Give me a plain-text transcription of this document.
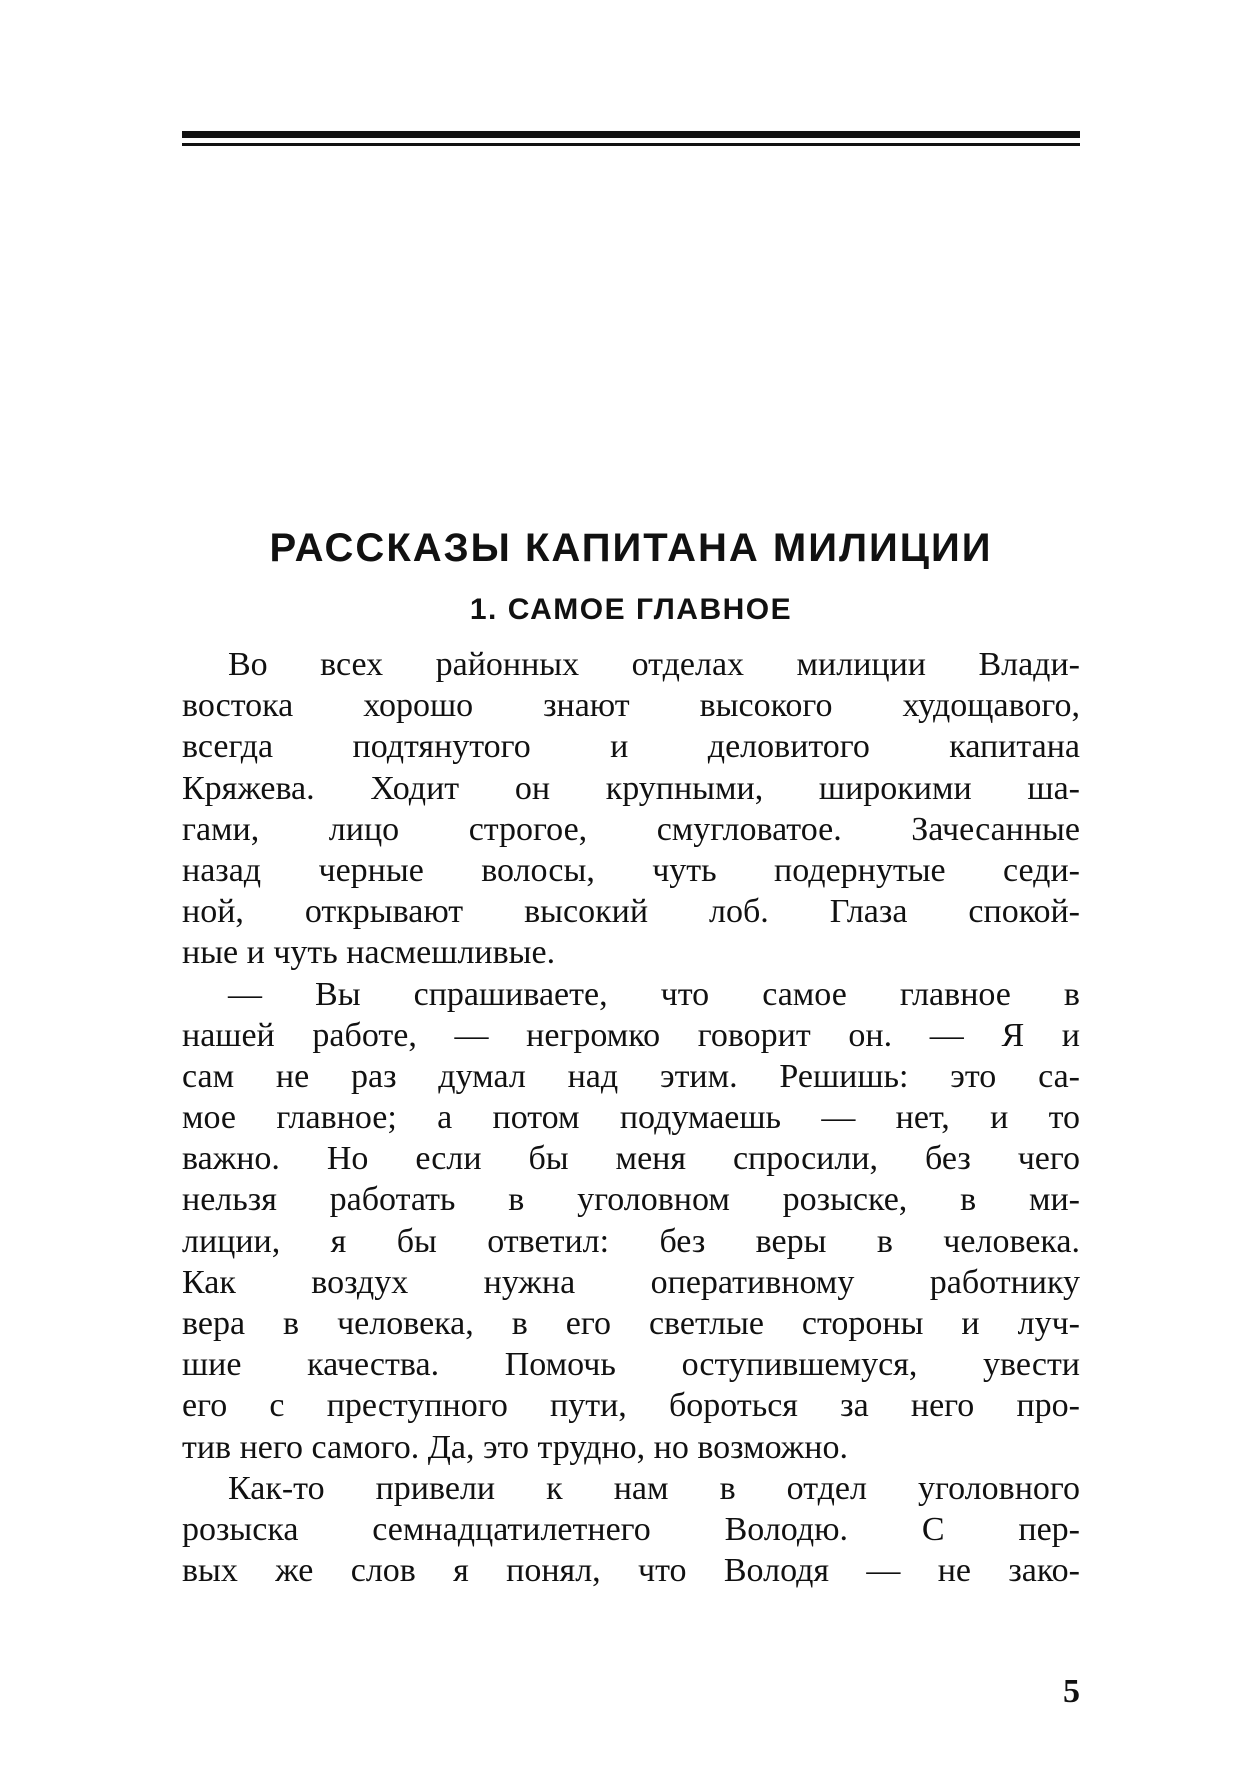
РАССКАЗЫ КАПИТАНА МИЛИЦИИ
1. САМОЕ ГЛАВНОЕ
Во всех районных отделах милиции Влади-
востока хорошо знают высокого худощавого,
всегда подтянутого и деловитого капитана
Кряжева. Ходит он крупными, широкими ша-
гами, лицо строгое, смугловатое. Зачесанные
назад черные волосы, чуть подернутые седи-
ной, открывают высокий лоб. Глаза спокой-
ные и чуть насмешливые.
— Вы спрашиваете, что самое главное в
нашей работе, — негромко говорит он. — Я и
сам не раз думал над этим. Решишь: это са-
мое главное; а потом подумаешь — нет, и то
важно. Но если бы меня спросили, без чего
нельзя работать в уголовном розыске, в ми-
лиции, я бы ответил: без веры в человека.
Как воздух нужна оперативному работнику
вера в человека, в его светлые стороны и луч-
шие качества. Помочь оступившемуся, увести
его с преступного пути, бороться за него про-
тив него самого. Да, это трудно, но возможно.
Как-то привели к нам в отдел уголовного
розыска семнадцатилетнего Володю. С пер-
вых же слов я понял, что Володя — не зако-
5
